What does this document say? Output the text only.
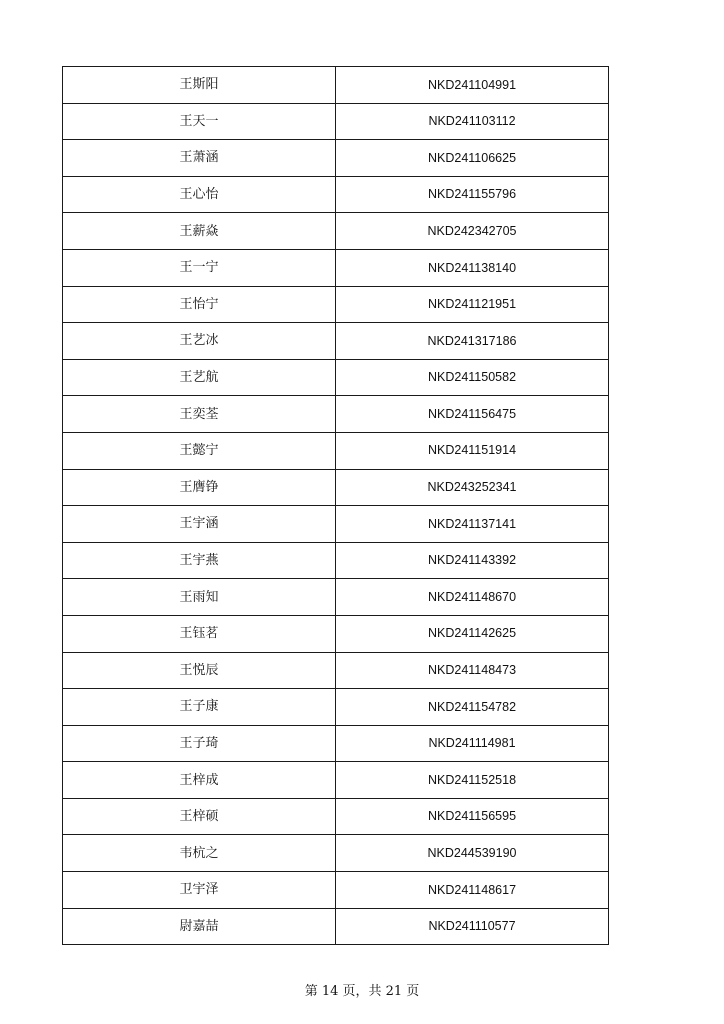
王斯阳	NKD241104991
王天一	NKD241103112
王萧涵	NKD241106625
王心怡	NKD241155796
王薪焱	NKD242342705
王一宁	NKD241138140
王怡宁	NKD241121951
王艺冰	NKD241317186
王艺航	NKD241150582
王奕荃	NKD241156475
王懿宁	NKD241151914
王膺铮	NKD243252341
王宇涵	NKD241137141
王宇燕	NKD241143392
王雨知	NKD241148670
王钰茗	NKD241142625
王悦辰	NKD241148473
王子康	NKD241154782
王子琦	NKD241114981
王梓成	NKD241152518
王梓硕	NKD241156595
韦杭之	NKD244539190
卫宇泽	NKD241148617
尉嘉喆	NKD241110577
第 14 页，共 21 页
